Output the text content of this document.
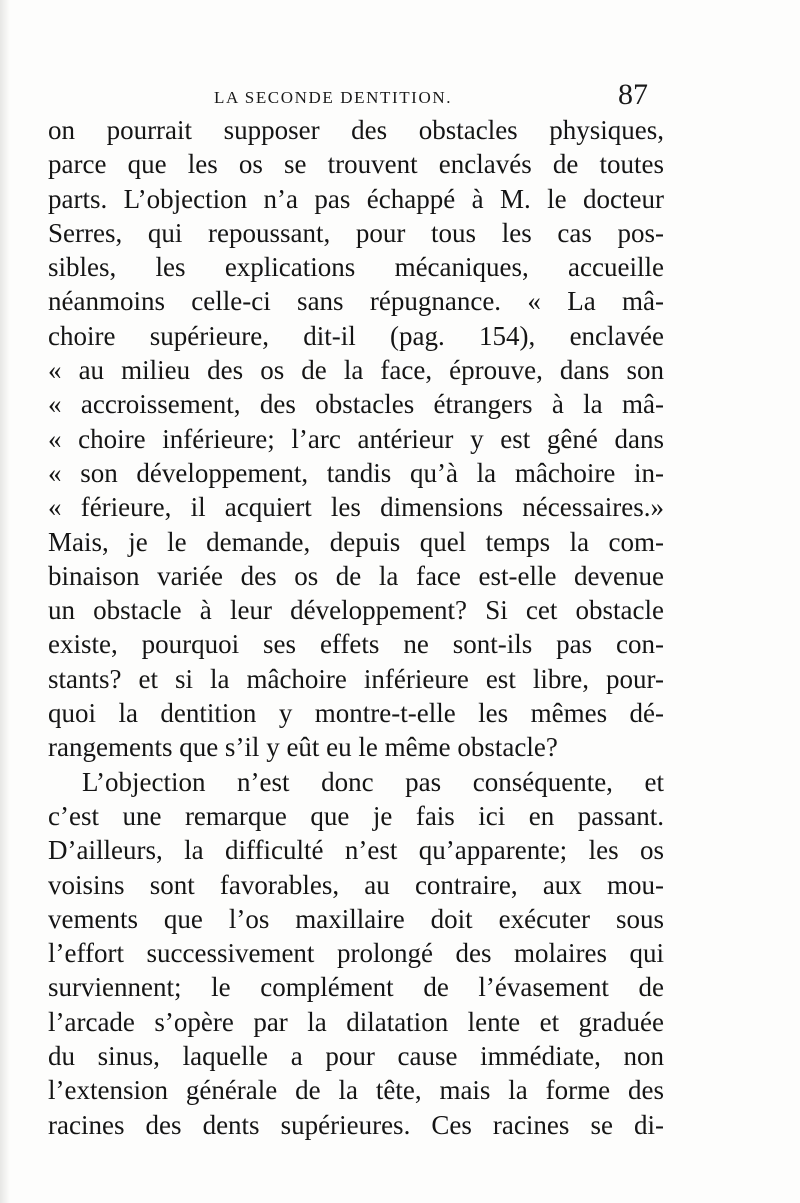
LA SECONDE DENTITION.	87
on pourrait supposer des obstacles physiques,
parce que les os se trouvent enclavés de toutes
parts. L’objection n’a pas échappé à M. le docteur
Serres, qui repoussant, pour tous les cas pos-
sibles, les explications mécaniques, accueille
néanmoins celle-ci sans répugnance. « La mâ-
choire supérieure, dit-il (pag. 154), enclavée
« au milieu des os de la face, éprouve, dans son
« accroissement, des obstacles étrangers à la mâ-
« choire inférieure; l’arc antérieur y est gêné dans
« son développement, tandis qu’à la mâchoire in-
« férieure, il acquiert les dimensions nécessaires.»
Mais, je le demande, depuis quel temps la com-
binaison variée des os de la face est-elle devenue
un obstacle à leur développement? Si cet obstacle
existe, pourquoi ses effets ne sont-ils pas con-
stants? et si la mâchoire inférieure est libre, pour-
quoi la dentition y montre-t-elle les mêmes dé-
rangements que s’il y eût eu le même obstacle?
L’objection n’est donc pas conséquente, et
c’est une remarque que je fais ici en passant.
D’ailleurs, la difficulté n’est qu’apparente; les os
voisins sont favorables, au contraire, aux mou-
vements que l’os maxillaire doit exécuter sous
l’effort successivement prolongé des molaires qui
surviennent; le complément de l’évasement de
l’arcade s’opère par la dilatation lente et graduée
du sinus, laquelle a pour cause immédiate, non
l’extension générale de la tête, mais la forme des
racines des dents supérieures. Ces racines se di-
